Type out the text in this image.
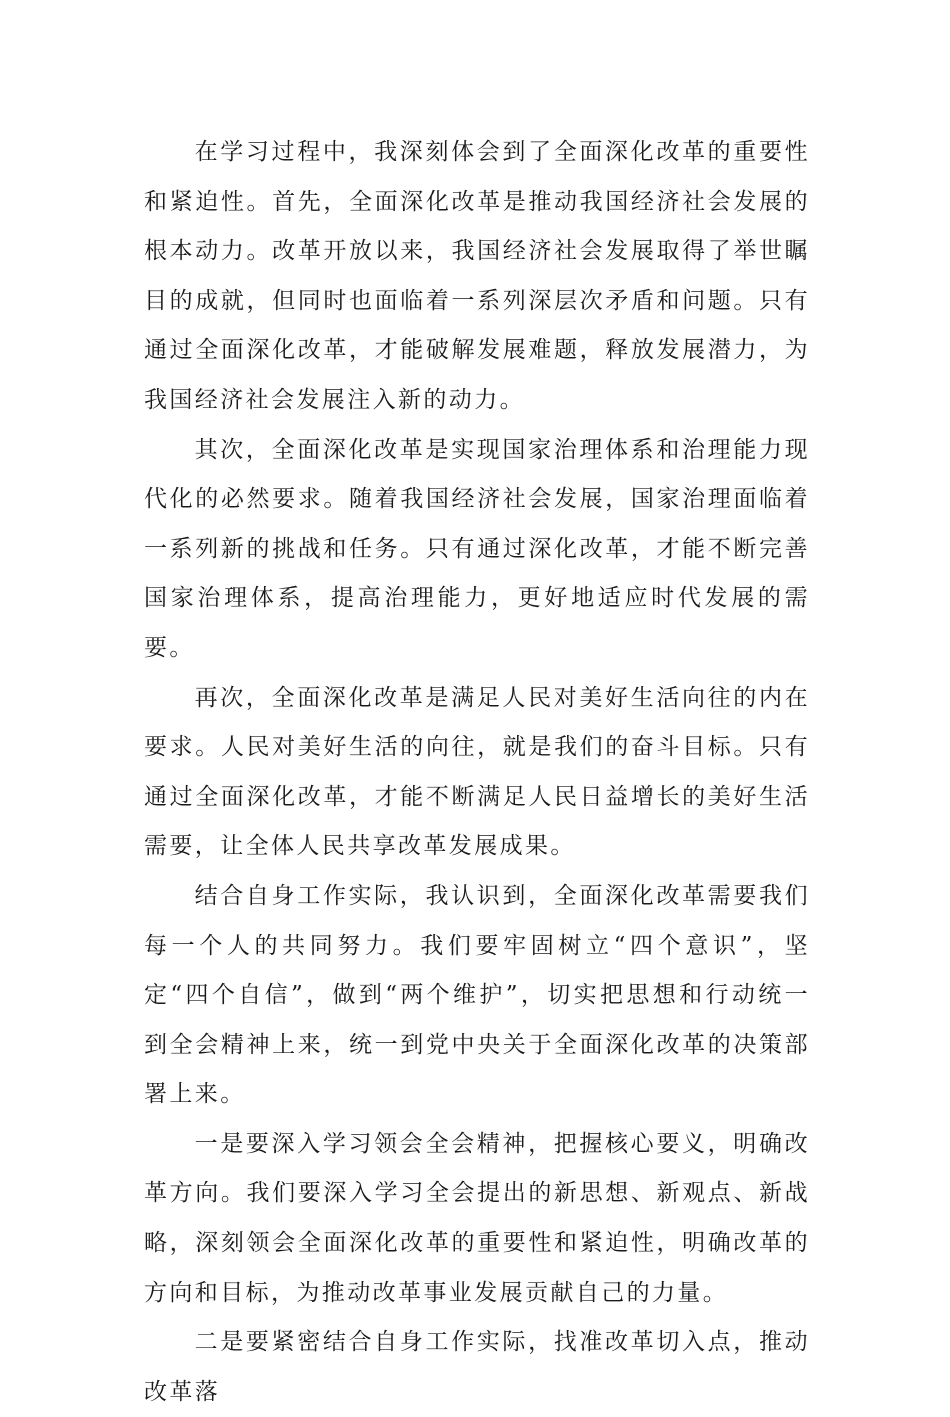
在学习过程中，我深刻体会到了全面深化改革的重要性和紧迫性。首先，全面深化改革是推动我国经济社会发展的根本动力。改革开放以来，我国经济社会发展取得了举世瞩目的成就，但同时也面临着一系列深层次矛盾和问题。只有通过全面深化改革，才能破解发展难题，释放发展潜力，为我国经济社会发展注入新的动力。

其次，全面深化改革是实现国家治理体系和治理能力现代化的必然要求。随着我国经济社会发展，国家治理面临着一系列新的挑战和任务。只有通过深化改革，才能不断完善国家治理体系，提高治理能力，更好地适应时代发展的需要。

再次，全面深化改革是满足人民对美好生活向往的内在要求。人民对美好生活的向往，就是我们的奋斗目标。只有通过全面深化改革，才能不断满足人民日益增长的美好生活需要，让全体人民共享改革发展成果。

结合自身工作实际，我认识到，全面深化改革需要我们每一个人的共同努力。我们要牢固树立“四个意识”，坚定“四个自信”，做到“两个维护”，切实把思想和行动统一到全会精神上来，统一到党中央关于全面深化改革的决策部署上来。

一是要深入学习领会全会精神，把握核心要义，明确改革方向。我们要深入学习全会提出的新思想、新观点、新战略，深刻领会全面深化改革的重要性和紧迫性，明确改革的方向和目标，为推动改革事业发展贡献自己的力量。

二是要紧密结合自身工作实际，找准改革切入点，推动改革落
